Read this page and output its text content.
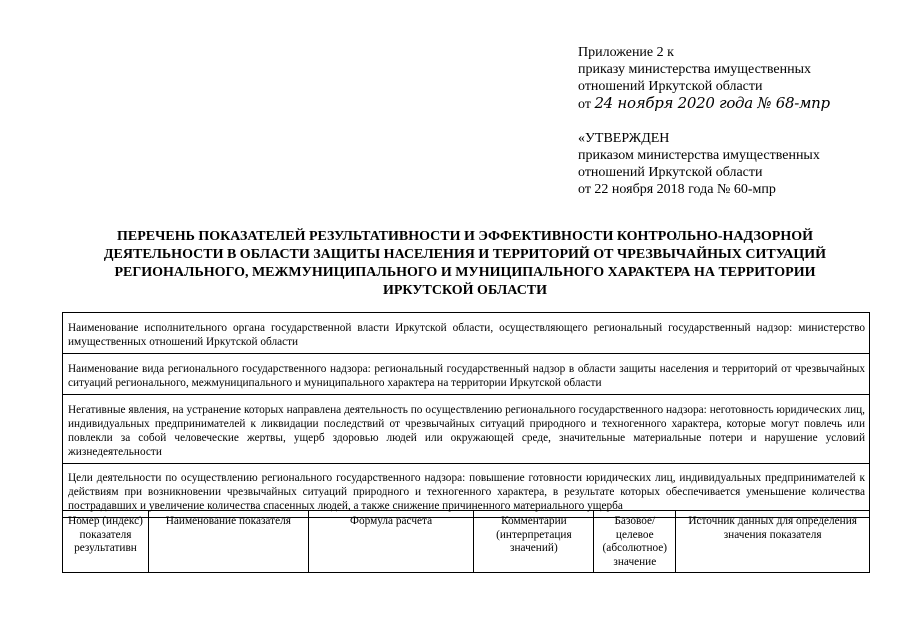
Приложение 2 к
приказу министерства имущественных
отношений Иркутской области
от 24 ноября 2020 года № 68-мпр
«УТВЕРЖДЕН
приказом министерства имущественных
отношений Иркутской области
от 22 ноября 2018 года № 60-мпр
ПЕРЕЧЕНЬ ПОКАЗАТЕЛЕЙ РЕЗУЛЬТАТИВНОСТИ И ЭФФЕКТИВНОСТИ КОНТРОЛЬНО-НАДЗОРНОЙ
ДЕЯТЕЛЬНОСТИ В ОБЛАСТИ ЗАЩИТЫ НАСЕЛЕНИЯ И ТЕРРИТОРИЙ ОТ ЧРЕЗВЫЧАЙНЫХ СИТУАЦИЙ
РЕГИОНАЛЬНОГО, МЕЖМУНИЦИПАЛЬНОГО И МУНИЦИПАЛЬНОГО ХАРАКТЕРА НА ТЕРРИТОРИИ
ИРКУТСКОЙ ОБЛАСТИ
Наименование исполнительного органа государственной власти Иркутской области, осуществляющего региональный государственный надзор: министерство имущественных отношений Иркутской области
Наименование вида регионального государственного надзора: региональный государственный надзор в области защиты населения и территорий от чрезвычайных ситуаций регионального, межмуниципального и муниципального характера на территории Иркутской области
Негативные явления, на устранение которых направлена деятельность по осуществлению регионального государственного надзора: неготовность юридических лиц, индивидуальных предпринимателей к ликвидации последствий от чрезвычайных ситуаций природного и техногенного характера, которые могут повлечь или повлекли за собой человеческие жертвы, ущерб здоровью людей или окружающей среде, значительные материальные потери и нарушение условий жизнедеятельности
Цели деятельности по осуществлению регионального государственного надзора: повышение готовности юридических лиц, индивидуальных предпринимателей к действиям при возникновении чрезвычайных ситуаций природного и техногенного характера, в результате которых обеспечивается уменьшение количества пострадавших и увеличение количества спасенных людей, а также снижение причиненного материального ущерба
Номер (индекс) показателя результативн	Наименование показателя	Формула расчета	Комментарии (интерпретация значений)	Базовое/ целевое (абсолютное) значение	Источник данных для определения значения показателя
